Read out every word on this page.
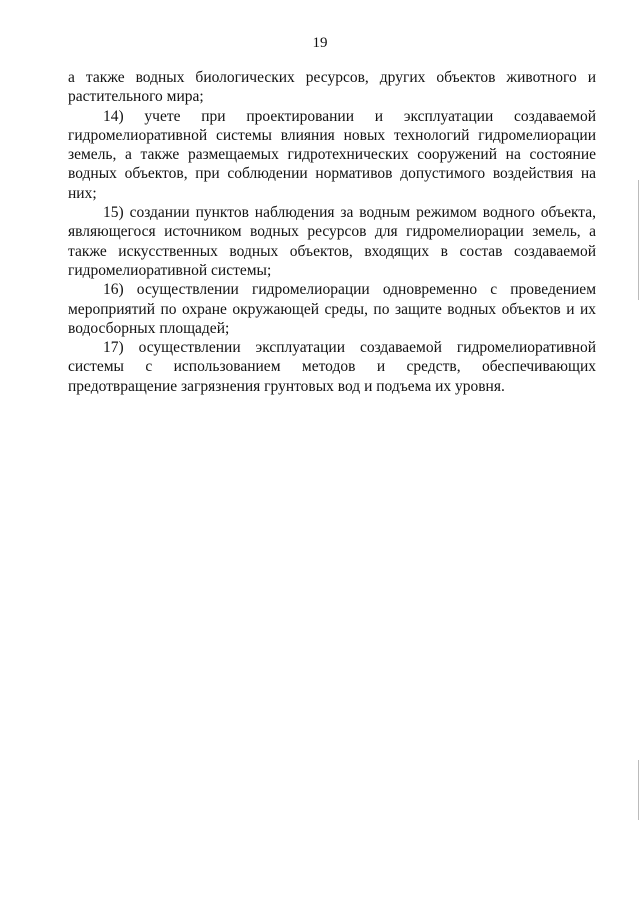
19

а также водных биологических ресурсов, других объектов животного и растительного мира;

14) учете при проектировании и эксплуатации создаваемой гидромелиоративной системы влияния новых технологий гидромелиорации земель, а также размещаемых гидротехнических сооружений на состояние водных объектов, при соблюдении нормативов допустимого воздействия на них;

15) создании пунктов наблюдения за водным режимом водного объекта, являющегося источником водных ресурсов для гидромелиорации земель, а также искусственных водных объектов, входящих в состав создаваемой гидромелиоративной системы;

16) осуществлении гидромелиорации одновременно с проведением мероприятий по охране окружающей среды, по защите водных объектов и их водосборных площадей;

17) осуществлении эксплуатации создаваемой гидромелиоративной системы с использованием методов и средств, обеспечивающих предотвращение загрязнения грунтовых вод и подъема их уровня.
